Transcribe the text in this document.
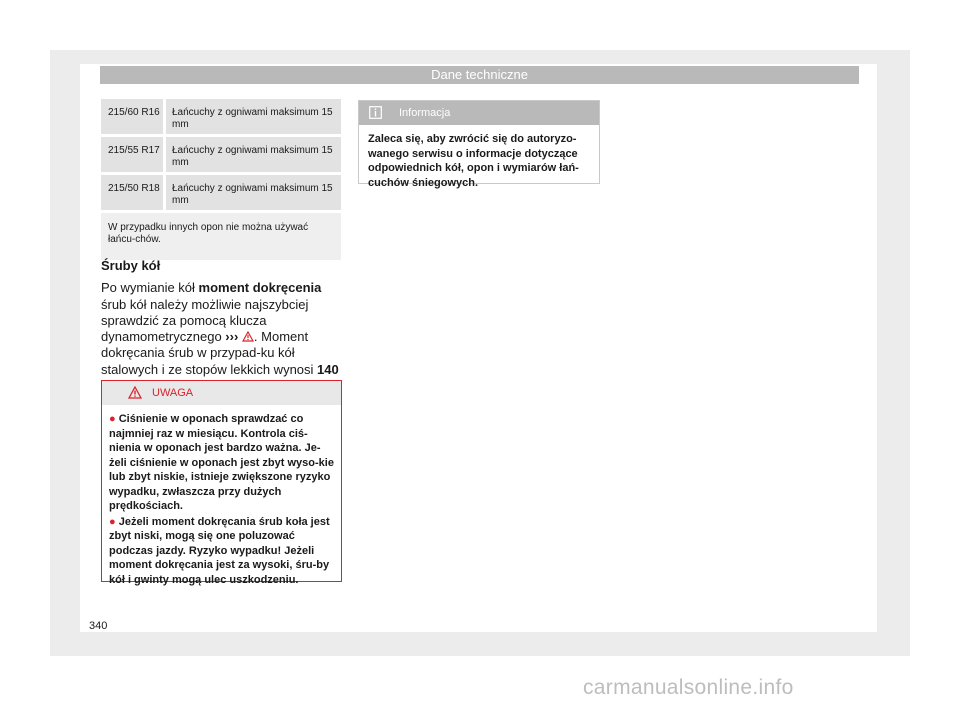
Dane techniczne
215/60 R16	Łańcuchy z ogniwami maksimum 15 mm
215/55 R17	Łańcuchy z ogniwami maksimum 15 mm
215/50 R18	Łańcuchy z ogniwami maksimum 15 mm
W przypadku innych opon nie można używać łańcu-chów.
Śruby kół

Po wymianie kół moment dokręcenia śrub kół należy możliwie najszybciej sprawdzić za pomocą klucza dynamometrycznego ››› . Moment dokręcania śrub w przypad-ku kół stalowych i ze stopów lekkich wynosi 140

UWAGA

● Ciśnienie w oponach sprawdzać co najmniej raz w miesiącu. Kontrola ciś-nienia w oponach jest bardzo ważna. Je-żeli ciśnienie w oponach jest zbyt wyso-kie lub zbyt niskie, istnieje zwiększone ryzyko wypadku, zwłaszcza przy dużych prędkościach.

● Jeżeli moment dokręcania śrub koła jest zbyt niski, mogą się one poluzować podczas jazdy. Ryzyko wypadku! Jeżeli moment dokręcania jest za wysoki, śru-by kół i gwinty mogą ulec uszkodzeniu.

Informacja
Zaleca się, aby zwrócić się do autoryzo-wanego serwisu o informacje dotyczące odpowiednich kół, opon i wymiarów łań-cuchów śniegowych.
340
carmanualsonline.info
